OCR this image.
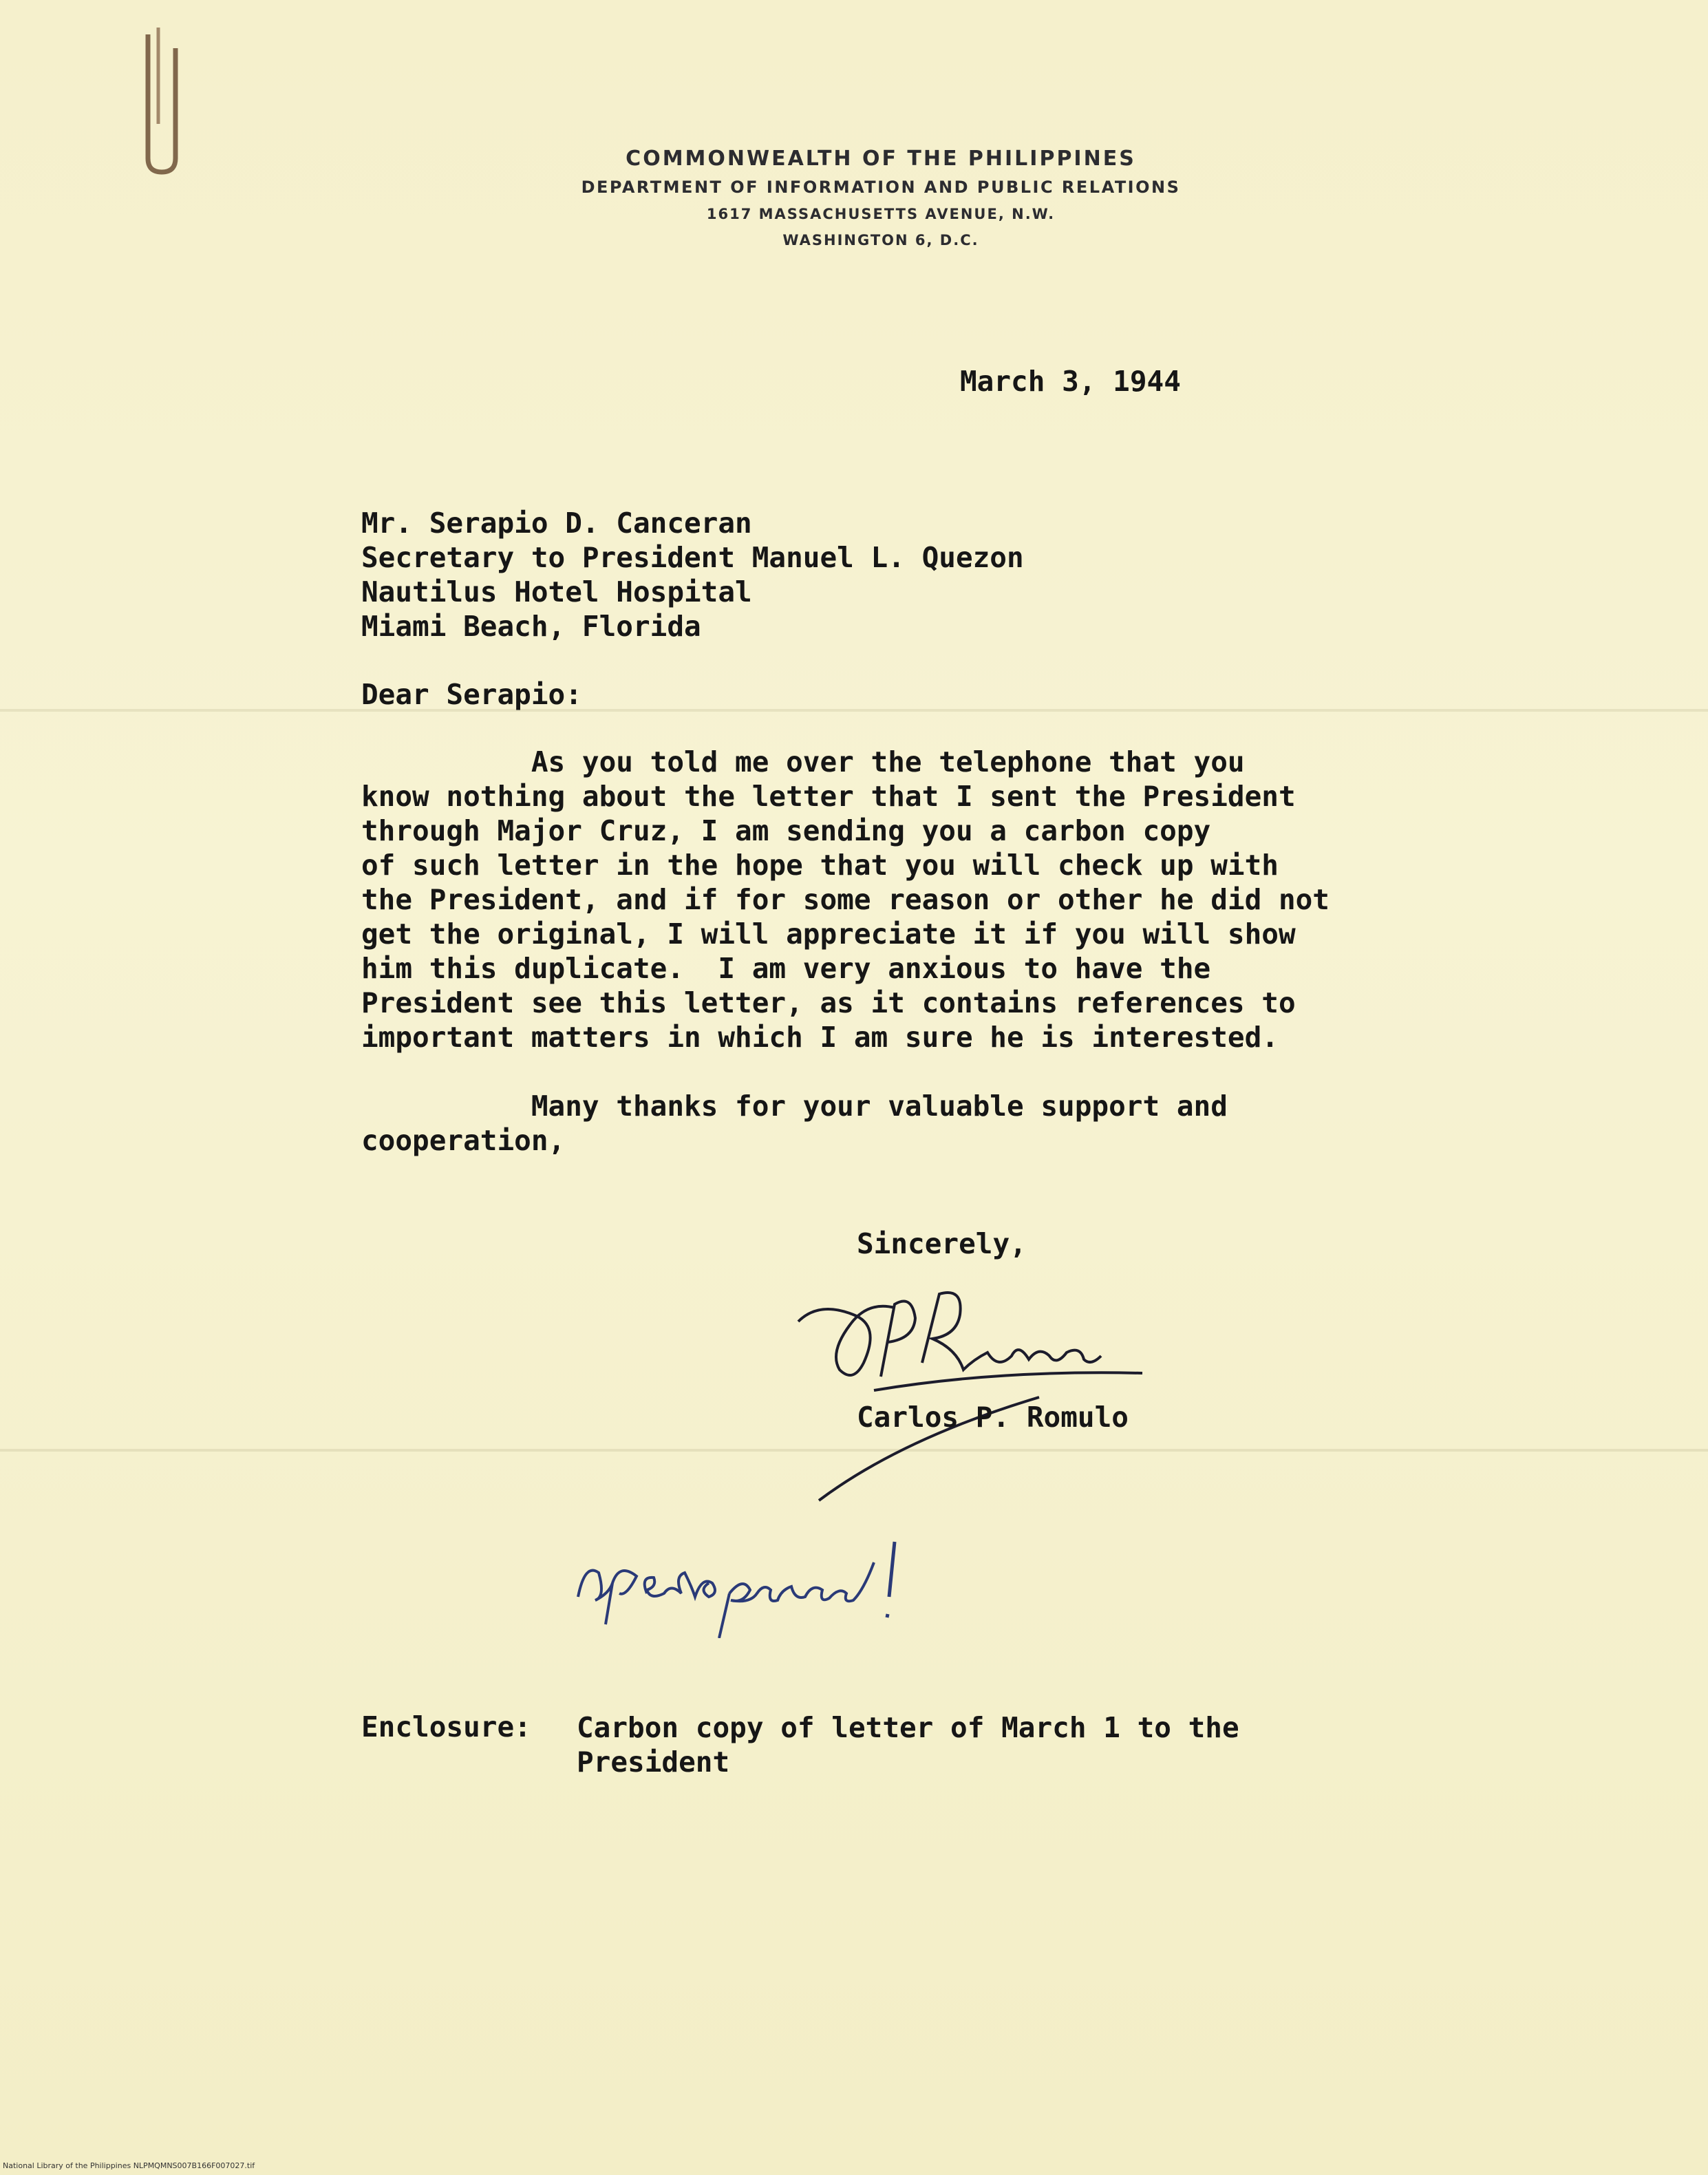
COMMONWEALTH OF THE PHILIPPINES
DEPARTMENT OF INFORMATION AND PUBLIC RELATIONS
1617 MASSACHUSETTS AVENUE, N.W.
WASHINGTON 6, D.C.
March 3, 1944
Mr. Serapio D. Canceran
Secretary to President Manuel L. Quezon
Nautilus Hotel Hospital
Miami Beach, Florida
Dear Serapio:
As you told me over the telephone that you
know nothing about the letter that I sent the President
through Major Cruz, I am sending you a carbon copy
of such letter in the hope that you will check up with
the President, and if for some reason or other he did not
get the original, I will appreciate it if you will show
him this duplicate.  I am very anxious to have the
President see this letter, as it contains references to
important matters in which I am sure he is interested.
Many thanks for your valuable support and
cooperation,
Sincerely,
Carlos P. Romulo
Enclosure: Carbon copy of letter of March 1 to the
President
National Library of the Philippines NLPMQMNS007B166F007027.tif
